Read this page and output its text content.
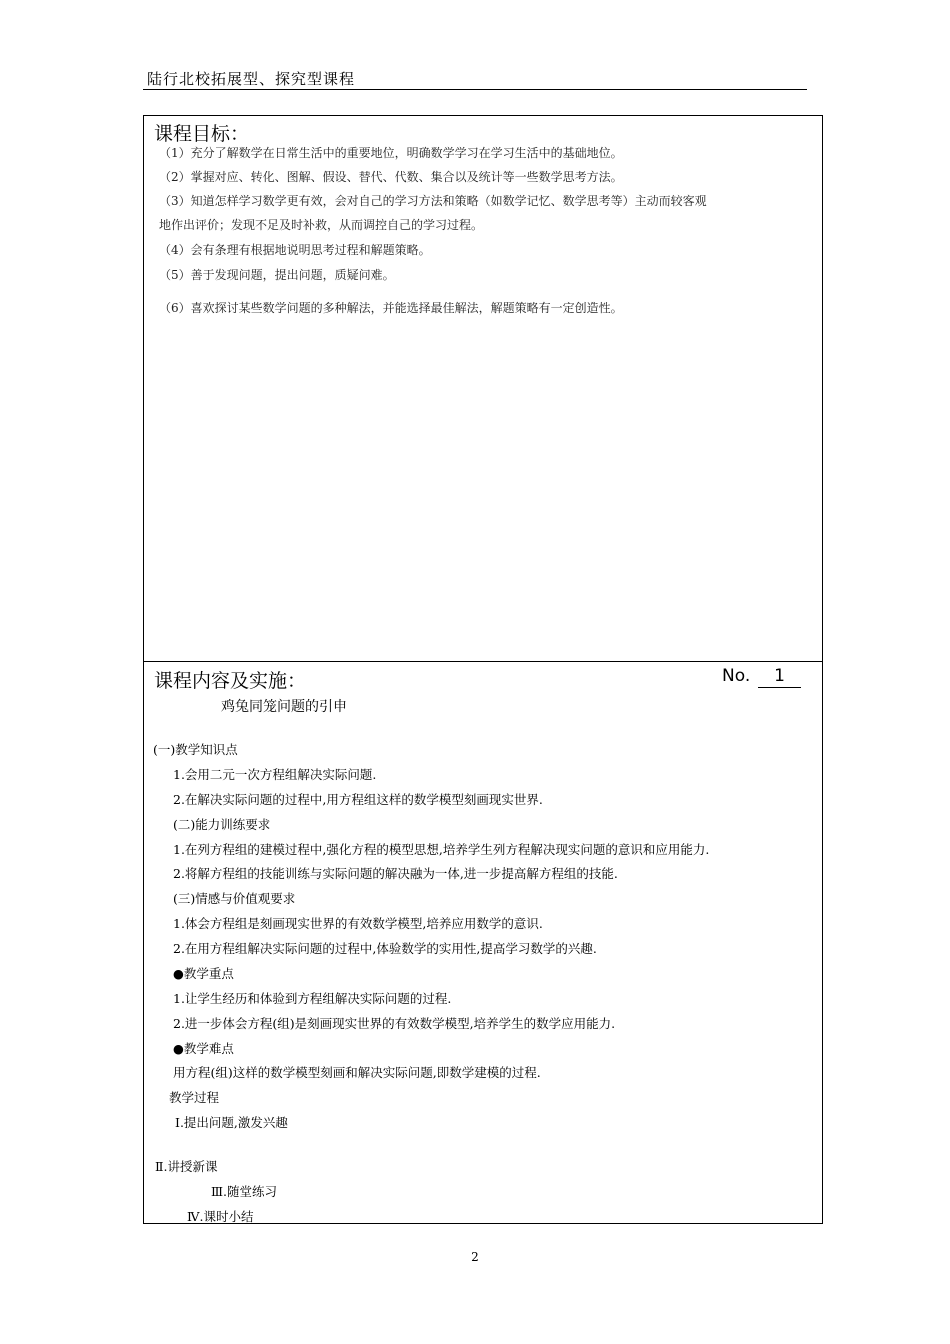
陆行北校拓展型、探究型课程
课程目标：
（1）充分了解数学在日常生活中的重要地位，明确数学学习在学习生活中的基础地位。
（2）掌握对应、转化、图解、假设、替代、代数、集合以及统计等一些数学思考方法。
（3）知道怎样学习数学更有效，会对自己的学习方法和策略（如数学记忆、数学思考等）主动而较客观
地作出评价；发现不足及时补救，从而调控自己的学习过程。
（4）会有条理有根据地说明思考过程和解题策略。
（5）善于发现问题，提出问题，质疑问难。
（6）喜欢探讨某些数学问题的多种解法，并能选择最佳解法，解题策略有一定创造性。
课程内容及实施：	No.	1
鸡兔同笼问题的引申
(一)教学知识点
1.会用二元一次方程组解决实际问题.
2.在解决实际问题的过程中,用方程组这样的数学模型刻画现实世界.
(二)能力训练要求
1.在列方程组的建模过程中,强化方程的模型思想,培养学生列方程解决现实问题的意识和应用能力.
2.将解方程组的技能训练与实际问题的解决融为一体,进一步提高解方程组的技能.
(三)情感与价值观要求
1.体会方程组是刻画现实世界的有效数学模型,培养应用数学的意识.
2.在用方程组解决实际问题的过程中,体验数学的实用性,提高学习数学的兴趣.
●教学重点
1.让学生经历和体验到方程组解决实际问题的过程.
2.进一步体会方程(组)是刻画现实世界的有效数学模型,培养学生的数学应用能力.
●教学难点
用方程(组)这样的数学模型刻画和解决实际问题,即数学建模的过程.
教学过程
Ⅰ.提出问题,激发兴趣
Ⅱ.讲授新课
Ⅲ.随堂练习
Ⅳ.课时小结
2
